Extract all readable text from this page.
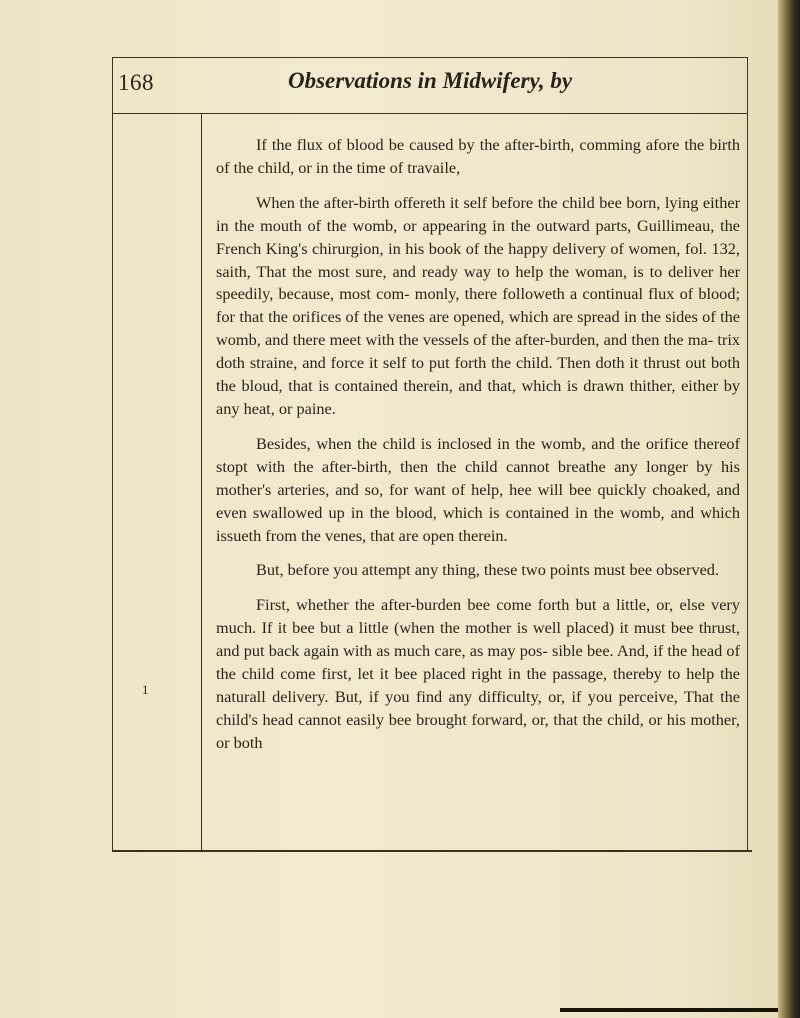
168	Observations in Midwifery, by
1

If the flux of blood be caused by the after-birth, comming afore the birth of the child, or in the time of travaile,

When the after-birth offereth it self before the child bee born, lying either in the mouth of the womb, or appearing in the outward parts, Guillimeau, the French King's chirurgion, in his book of the happy delivery of women, fol. 132, saith, That the most sure, and ready way to help the woman, is to deliver her speedily, because, most com- monly, there followeth a continual flux of blood; for that the orifices of the venes are opened, which are spread in the sides of the womb, and there meet with the vessels of the after-burden, and then the ma- trix doth straine, and force it self to put forth the child. Then doth it thrust out both the bloud, that is contained therein, and that, which is drawn thither, either by any heat, or paine.

Besides, when the child is inclosed in the womb, and the orifice thereof stopt with the after-birth, then the child cannot breathe any longer by his mother's arteries, and so, for want of help, hee will bee quickly choaked, and even swallowed up in the blood, which is contained in the womb, and which issueth from the venes, that are open therein.

But, before you attempt any thing, these two points must bee observed.

First, whether the after-burden bee come forth but a little, or, else very much. If it bee but a little (when the mother is well placed) it must bee thrust, and put back again with as much care, as may pos- sible bee. And, if the head of the child come first, let it bee placed right in the passage, thereby to help the naturall delivery. But, if you find any difficulty, or, if you perceive, That the child's head cannot easily bee brought forward, or, that the child, or his mother, or both
